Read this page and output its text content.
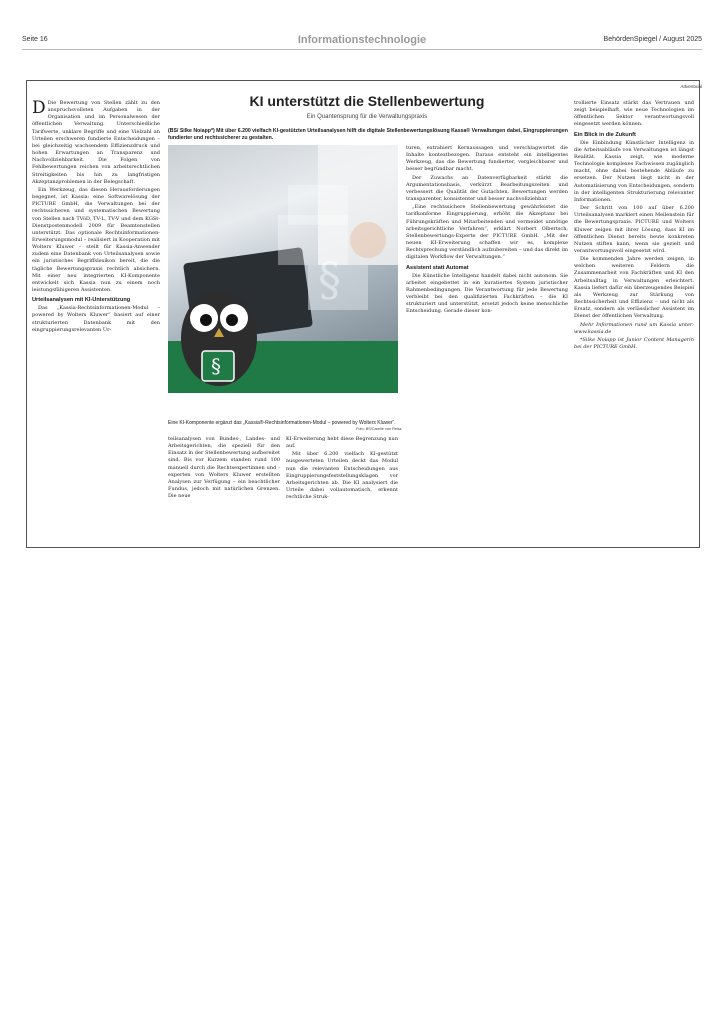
Seite 16	Informationstechnologie	BehördenSpiegel / August 2025
Advertorial

D Die Bewertung von Stellen zählt zu den anspruchsvollsten Aufgaben in der Organisation und im Personalwesen der öffentlichen Verwaltung. Unterschiedliche Tarifwerte, unklare Begriffe und eine Vielzahl an Urteilen erschweren fundierte Entscheidungen – bei gleichzeitig wachsendem Effizienzdruck und hohen Erwartungen an Transparenz und Nachvollziehbarkeit. Die Folgen von Fehlbewertungen reichen von arbeitsrechtlichen Streitigkeiten bis hin zu langfristigen Akzeptanzproblemen in der Belegschaft.

Ein Werkzeug, das diesen Herausforderungen begegnet, ist Kassia: eine Softwarelösung der PICTURE GmbH, die Verwaltungen bei der rechtssicheren und systematischen Bewertung von Stellen nach TVöD, TV-L, TV-V und dem KGSt-Dienstpostenmodell 2009 für Beamtenstellen unterstützt. Das optionale Rechtsinformationen-Erweiterungsmodul – realisiert in Kooperation mit Wolters Kluwer – stellt für Kassia-Anwender zudem eine Datenbank von Urteilsanalysen sowie ein juristisches Begriffslexikon bereit, die die tägliche Bewertungspraxis rechtlich absichern. Mit einer neu integrierten KI-Komponente entwickelt sich Kassia nun zu einem noch leistungsfähigeren Assistenten.

Urteilsanalysen mit KI-Unterstützung

Das „Kassia-Rechtsinformationen-Modul – powered by Wolters Kluwer“ basiert auf einer strukturierten Datenbank mit den eingruppierungsrelevanten Ur-

KI unterstützt die Stellenbewertung
Ein Quantensprung für die Verwaltungspraxis
(BS/ Silke Noiapp*) Mit über 6.200 vielfach KI-gestützten Urteilsanalysen hilft die digitale Stellenbewertungslösung Kassa® Verwaltungen dabei, Eingruppierungen fundierter und rechtssicherer zu gestalten.
§
Eine KI-Komponente ergänzt das „Kassia®-Rechtsinformationen-Modul – powered by Wolters Kluwer“.
Foto: BS/Carelle von Reiss

teilsanalysen von Bundes-, Landes- und Arbeitsgerichten, die speziell für den Einsatz in der Stellenbewertung aufbereitet sind. Bis vor Kurzem standen rund 100 manuell durch die Rechtsexpertinnen und -experten von Wolters Kluwer erstellten Analysen zur Verfügung – ein beachtlicher Fundus, jedoch mit natürlichen Grenzen. Die neue

KI-Erweiterung hebt diese Begrenzung nun auf.

Mit über 6.200 vielfach KI-gestützt ausgewerteten Urteilen deckt das Modul nun die relevanten Entscheidungen aus Eingruppierungsfeststellungsklagen vor Arbeitsgerichten ab. Die KI analysiert die Urteile dabei vollautomatisch, erkennt rechtliche Struk-

turen, extrahiert Kernaussagen und verschlagwortet die Inhalte kontextbezogen. Daraus entsteht ein intelligentes Werkzeug, das die Bewertung fundierter, vergleichbarer und besser begründbar macht.

Der Zuwachs an Datenverfügbarkeit stärkt die Argumentationsbasis, verkürzt Bearbeitungszeiten und verbessert die Qualität der Gutachten. Bewertungen werden transparenter, konsistenter und besser nachvollziehbar.

„Eine rechtssichere Stellenbewertung gewährleistet die tarifkonforme Eingruppierung, erhöht die Akzeptanz bei Führungskräften und Mitarbeitenden und vermeidet unnötige arbeitsgerichtliche Verfahren“, erklärt Norbert Olbertsch, Stellenbewertungs-Experte der PICTURE GmbH. „Mit der neuen KI-Erweiterung schaffen wir es, komplexe Rechtsprechung verständlich aufzubereiten – und das direkt im digitalen Workflow der Verwaltungen.“

Assistent statt Automat

Die Künstliche Intelligenz handelt dabei nicht autonom. Sie arbeitet eingebettet in ein kuratiertes System juristischer Rahmenbedingungen. Die Verantwortung für jede Bewertung verbleibt bei den qualifizierten Fachkräften – die KI strukturiert und unterstützt, ersetzt jedoch keine menschliche Entscheidung. Gerade dieser kon-

trollierte Einsatz stärkt das Vertrauen und zeigt beispielhaft, wie neue Technologien im öffentlichen Sektor verantwortungsvoll eingesetzt werden können.

Ein Blick in die Zukunft

Die Einbindung Künstlicher Intelligenz in die Arbeitsabläufe von Verwaltungen ist längst Realität. Kassia zeigt, wie moderne Technologie komplexes Fachwissen zugänglich macht, ohne dabei bestehende Abläufe zu ersetzen. Der Nutzen liegt nicht in der Automatisierung von Entscheidungen, sondern in der intelligenten Strukturierung relevanter Informationen.

Der Schritt von 100 auf über 6.200 Urteilsanalysen markiert einen Meilenstein für die Bewertungspraxis. PICTURE und Wolters Kluwer zeigen mit ihrer Lösung, dass KI im öffentlichen Dienst bereits heute konkreten Nutzen stiften kann, wenn sie gezielt und verantwortungsvoll eingesetzt wird.

Die kommenden Jahre werden zeigen, in welchen weiteren Feldern die Zusammenarbeit von Fachkräften und KI den Arbeitsalltag in Verwaltungen erleichtert. Kassia liefert dafür ein überzeugendes Beispiel als Werkzeug zur Stärkung von Rechtssicherheit und Effizienz – und nicht als Ersatz, sondern als verlässlicher Assistent im Dienst der öffentlichen Verwaltung.

Mehr Informationen rund um Kassia unter: www.kassia.de

*Silke Noiapp ist Junior Content Managerin bei der PICTURE GmbH.
